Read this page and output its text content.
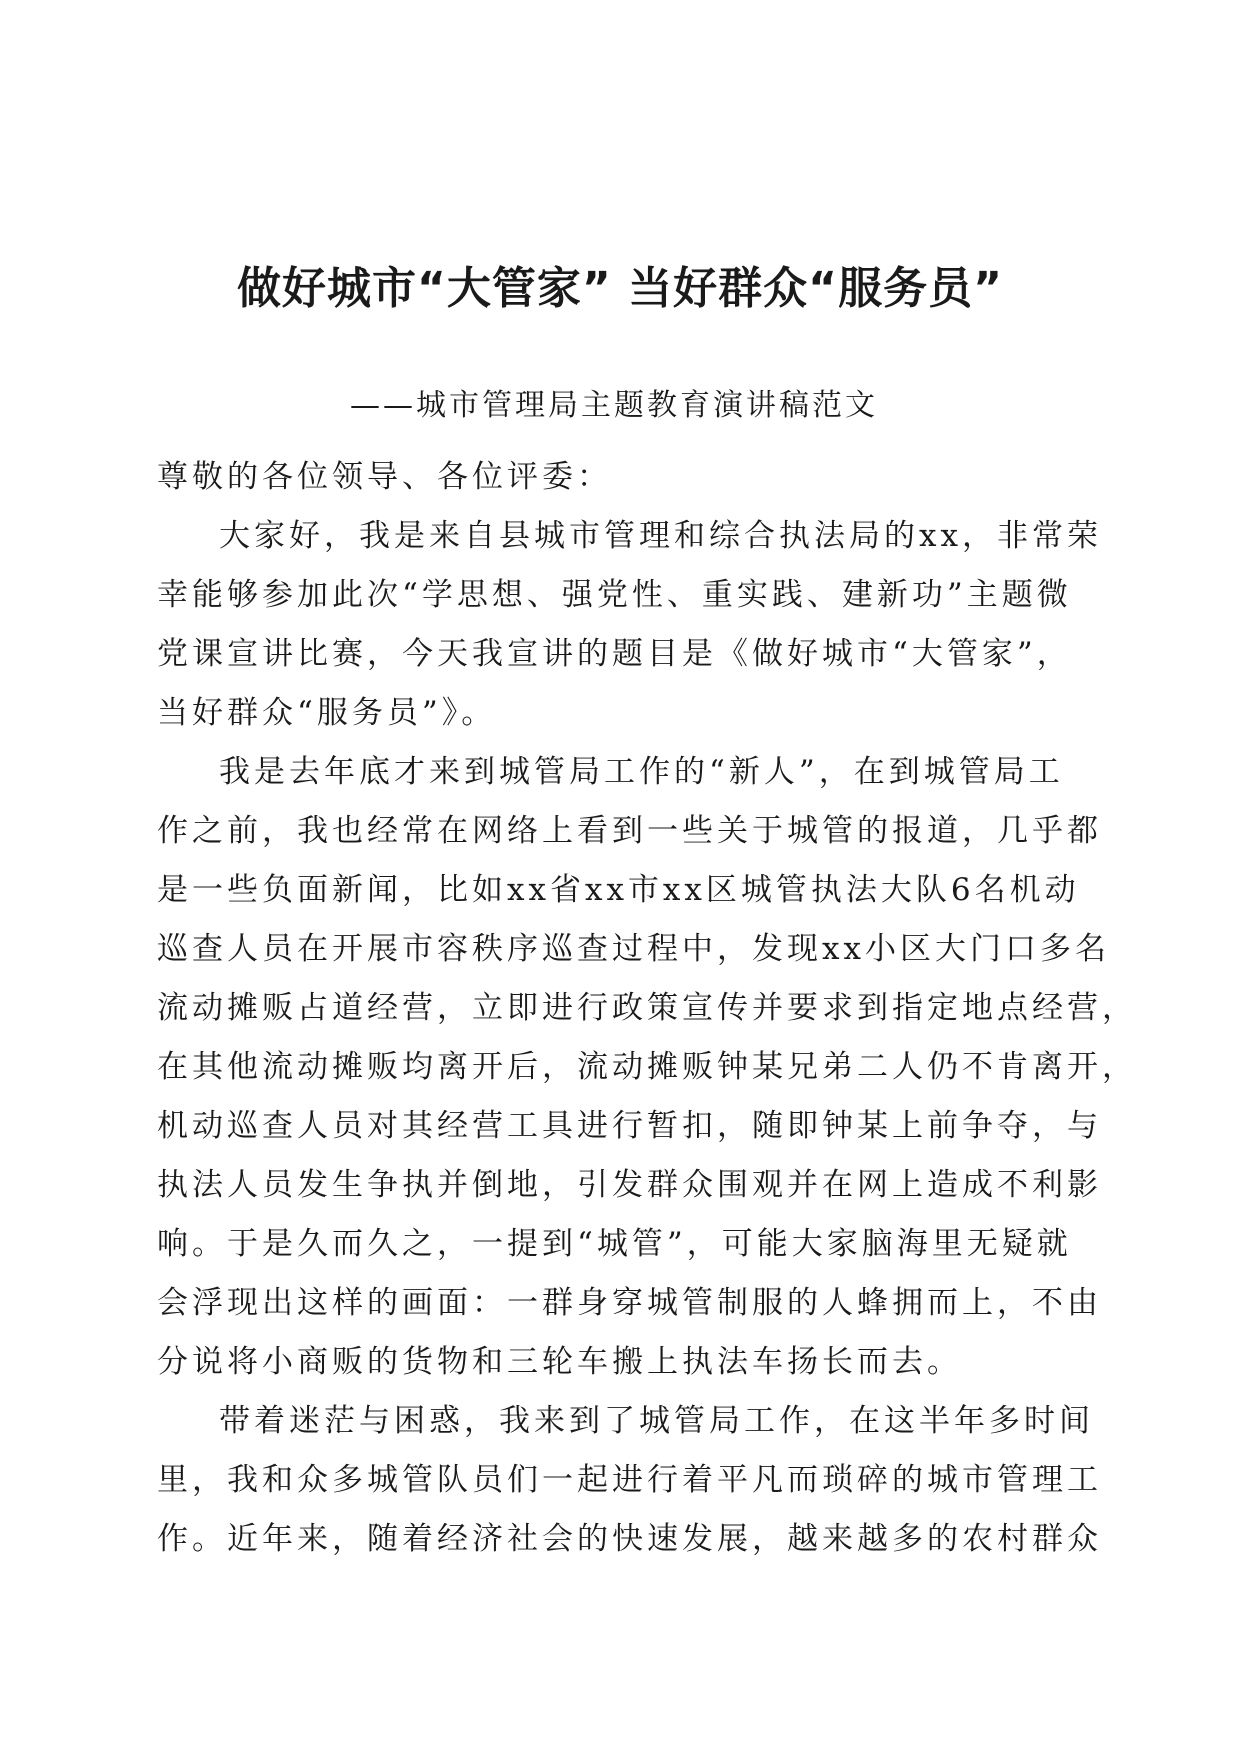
做好城市“大管家” 当好群众“服务员”

——城市管理局主题教育演讲稿范文

尊敬的各位领导、各位评委：

大家好，我是来自县城市管理和综合执法局的xx，非常荣
幸能够参加此次“学思想、强党性、重实践、建新功”主题微
党课宣讲比赛，今天我宣讲的题目是《做好城市“大管家”，
当好群众“服务员”》。

我是去年底才来到城管局工作的“新人”，在到城管局工
作之前，我也经常在网络上看到一些关于城管的报道，几乎都
是一些负面新闻，比如xx省xx市xx区城管执法大队6名机动
巡查人员在开展市容秩序巡查过程中，发现xx小区大门口多名
流动摊贩占道经营，立即进行政策宣传并要求到指定地点经营，
在其他流动摊贩均离开后，流动摊贩钟某兄弟二人仍不肯离开，
机动巡查人员对其经营工具进行暂扣，随即钟某上前争夺，与
执法人员发生争执并倒地，引发群众围观并在网上造成不利影
响。于是久而久之，一提到“城管”，可能大家脑海里无疑就
会浮现出这样的画面：一群身穿城管制服的人蜂拥而上，不由
分说将小商贩的货物和三轮车搬上执法车扬长而去。

带着迷茫与困惑，我来到了城管局工作，在这半年多时间
里，我和众多城管队员们一起进行着平凡而琐碎的城市管理工
作。近年来，随着经济社会的快速发展，越来越多的农村群众
